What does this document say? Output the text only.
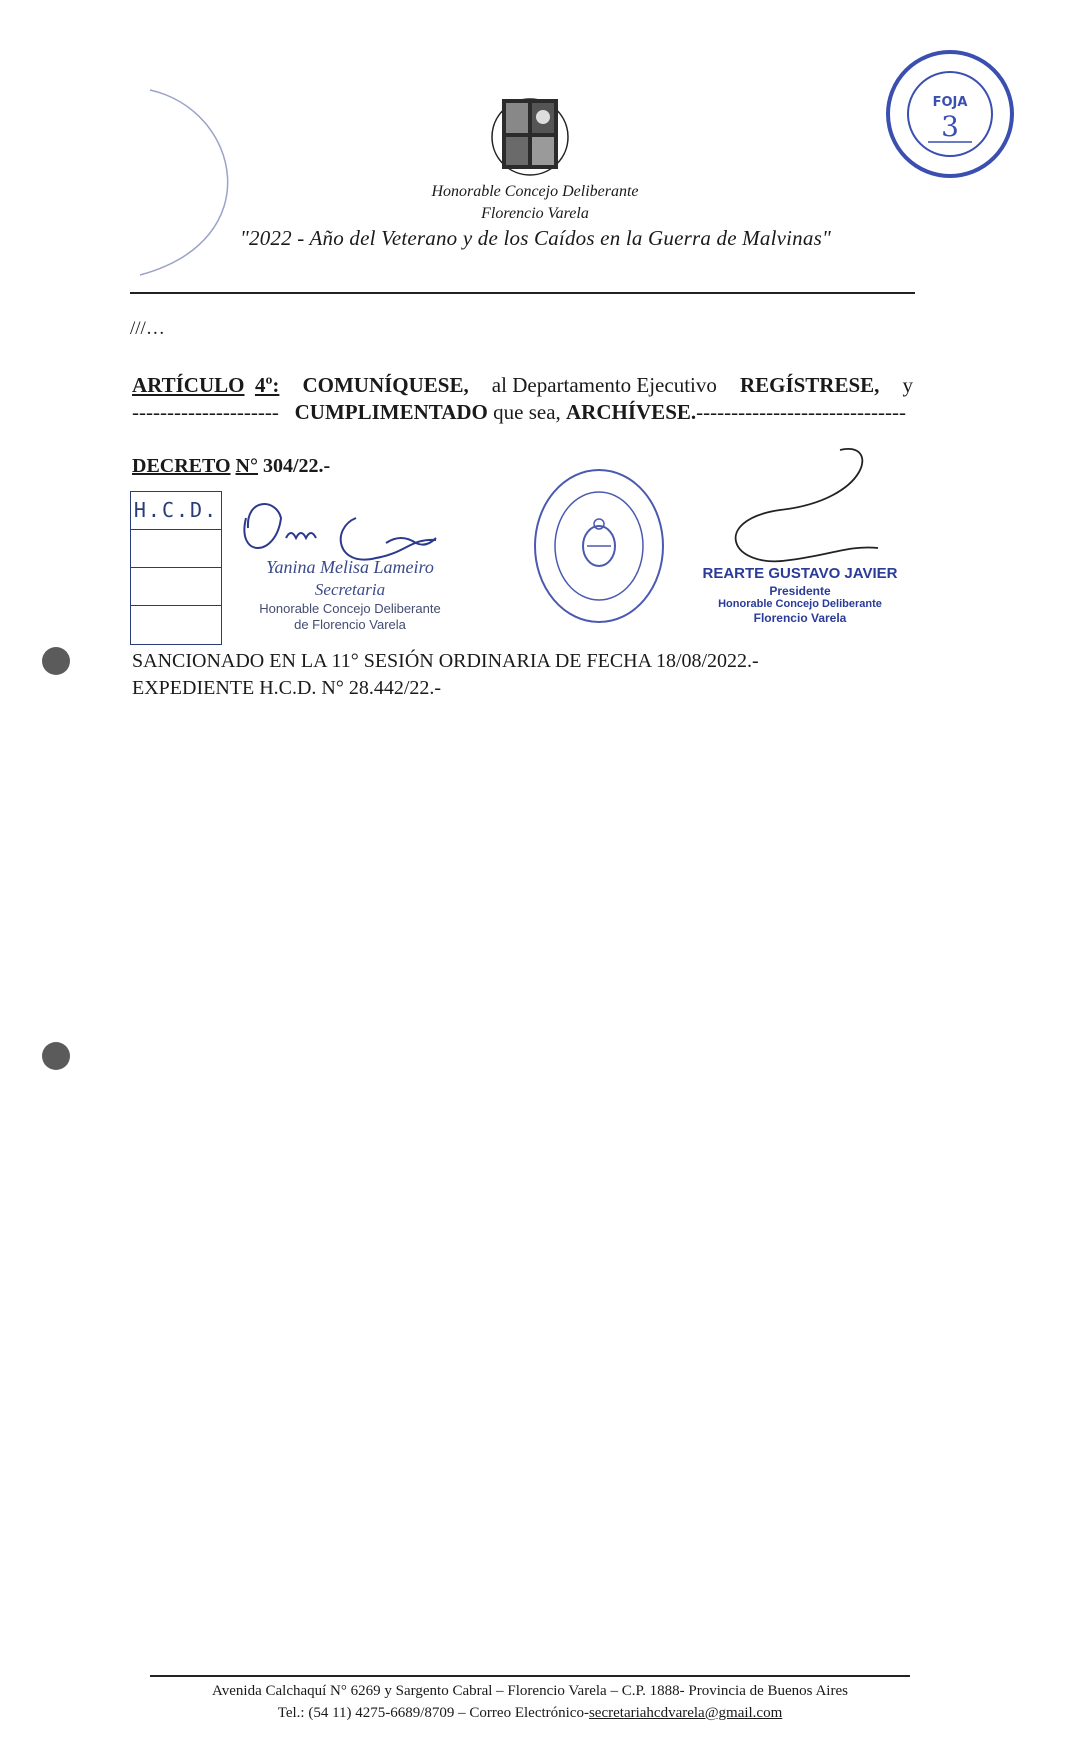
Honorable Concejo Deliberante
Florencio Varela
"2022 - Año del Veterano y de los Caídos en la Guerra de Malvinas"
FOJA
3
///…
ARTÍCULO 4º: COMUNÍQUESE, al Departamento Ejecutivo REGÍSTRESE, y
--------------------- CUMPLIMENTADO que sea, ARCHÍVESE.------------------------------
DECRETO N° 304/22.-
H.C.D.
Yanina Melisa Lameiro
Secretaria
Honorable Concejo Deliberante
de Florencio Varela
REARTE GUSTAVO JAVIER
Presidente
Honorable Concejo Deliberante
Florencio Varela
SANCIONADO EN LA 11° SESIÓN ORDINARIA DE FECHA 18/08/2022.-
EXPEDIENTE H.C.D. N° 28.442/22.-
Avenida Calchaquí N° 6269 y Sargento Cabral – Florencio Varela – C.P. 1888- Provincia de Buenos Aires
Tel.: (54 11) 4275-6689/8709 – Correo Electrónico-secretariahcdvarela@gmail.com
